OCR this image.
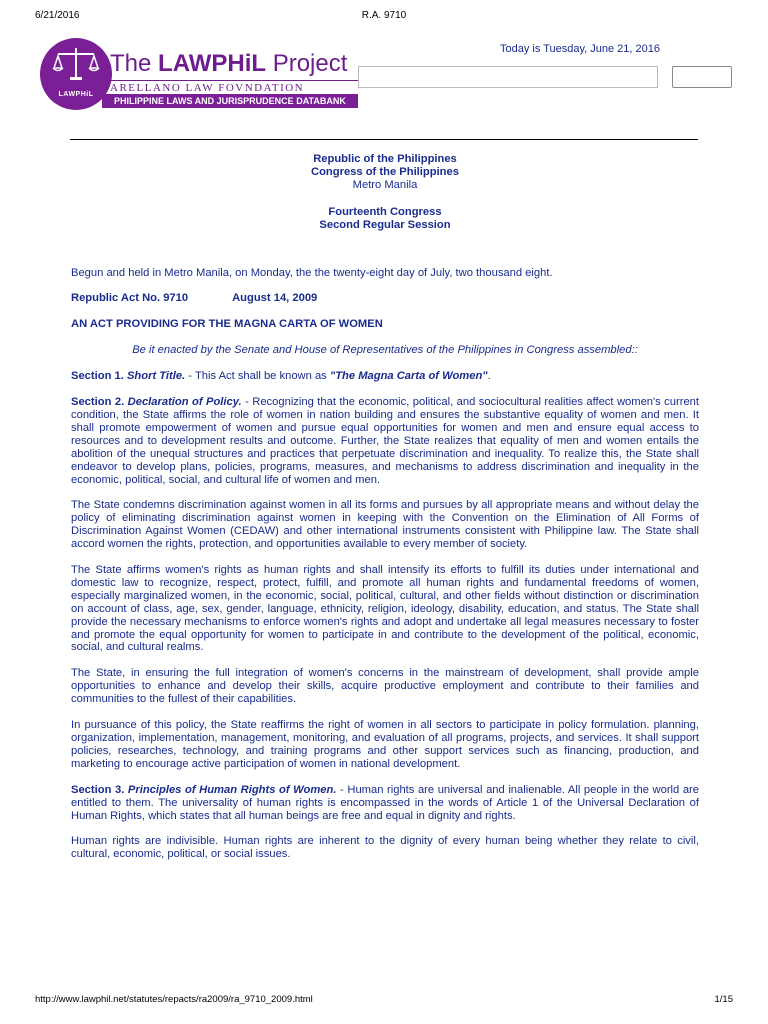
6/21/2016	R.A. 9710
LAWPHiL
The LAWPHiL Project
ARELLANO LAW FOVNDATION
PHILIPPINE LAWS AND JURISPRUDENCE DATABANK
Today is Tuesday, June 21, 2016
Republic of the Philippines
Congress of the Philippines
Metro Manila
Fourteenth Congress
Second Regular Session

Begun and held in Metro Manila, on Monday, the the twenty-eight day of July, two thousand eight.

Republic Act No. 9710	August 14, 2009

AN ACT PROVIDING FOR THE MAGNA CARTA OF WOMEN

Be it enacted by the Senate and House of Representatives of the Philippines in Congress assembled::

Section 1. Short Title. - This Act shall be known as "The Magna Carta of Women".

Section 2. Declaration of Policy. - Recognizing that the economic, political, and sociocultural realities affect women's current condition, the State affirms the role of women in nation building and ensures the substantive equality of women and men. It shall promote empowerment of women and pursue equal opportunities for women and men and ensure equal access to resources and to development results and outcome. Further, the State realizes that equality of men and women entails the abolition of the unequal structures and practices that perpetuate discrimination and inequality. To realize this, the State shall endeavor to develop plans, policies, programs, measures, and mechanisms to address discrimination and inequality in the economic, political, social, and cultural life of women and men.

The State condemns discrimination against women in all its forms and pursues by all appropriate means and without delay the policy of eliminating discrimination against women in keeping with the Convention on the Elimination of All Forms of Discrimination Against Women (CEDAW) and other international instruments consistent with Philippine law. The State shall accord women the rights, protection, and opportunities available to every member of society.

The State affirms women's rights as human rights and shall intensify its efforts to fulfill its duties under international and domestic law to recognize, respect, protect, fulfill, and promote all human rights and fundamental freedoms of women, especially marginalized women, in the economic, social, political, cultural, and other fields without distinction or discrimination on account of class, age, sex, gender, language, ethnicity, religion, ideology, disability, education, and status. The State shall provide the necessary mechanisms to enforce women's rights and adopt and undertake all legal measures necessary to foster and promote the equal opportunity for women to participate in and contribute to the development of the political, economic, social, and cultural realms.

The State, in ensuring the full integration of women's concerns in the mainstream of development, shall provide ample opportunities to enhance and develop their skills, acquire productive employment and contribute to their families and communities to the fullest of their capabilities.

In pursuance of this policy, the State reaffirms the right of women in all sectors to participate in policy formulation. planning, organization, implementation, management, monitoring, and evaluation of all programs, projects, and services. It shall support policies, researches, technology, and training programs and other support services such as financing, production, and marketing to encourage active participation of women in national development.

Section 3. Principles of Human Rights of Women. - Human rights are universal and inalienable. All people in the world are entitled to them. The universality of human rights is encompassed in the words of Article 1 of the Universal Declaration of Human Rights, which states that all human beings are free and equal in dignity and rights.

Human rights are indivisible. Human rights are inherent to the dignity of every human being whether they relate to civil, cultural, economic, political, or social issues.

http://www.lawphil.net/statutes/repacts/ra2009/ra_9710_2009.html	1/15
